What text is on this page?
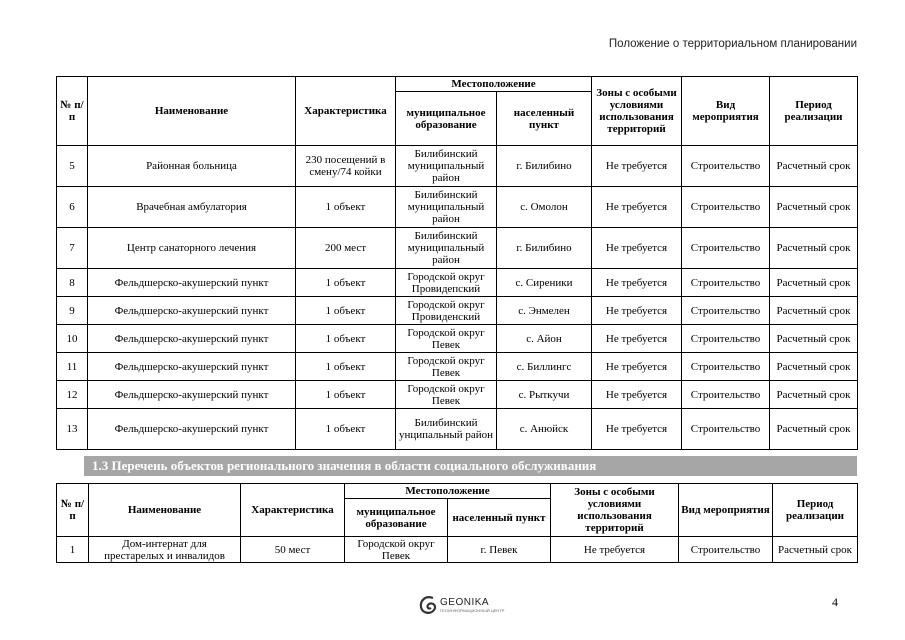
Положение о территориальном планировании
№ п/п	Наименование	Характеристика	Местоположение		Зоны с особыми условиями использования территорий	Вид мероприятия	Период реализации
			муниципальное образование	населенный пункт			
5	Районная больница	230 посещений в смену/74 койки	Билибинский муниципальный район	г. Билибино	Не требуется	Строительство	Расчетный срок
6	Врачебная амбулатория	1 объект	Билибинский муниципальный район	с. Омолон	Не требуется	Строительство	Расчетный срок
7	Центр санаторного лечения	200 мест	Билибинский муниципальный район	г. Билибино	Не требуется	Строительство	Расчетный срок
8	Фельдшерско-акушерский пункт	1 объект	Городской округ Провидепский	с. Сиреники	Не требуется	Строительство	Расчетный срок
9	Фельдшерско-акушерский пункт	1 объект	Городской округ Провиденский	с. Энмелен	Не требуется	Строительство	Расчетный срок
10	Фельдшерско-акушерский пункт	1 объект	Городской округ Певек	с. Айон	Не требуется	Строительство	Расчетный срок
11	Фельдшерско-акушерский пункт	1 объект	Городской округ Певек	с. Биллингс	Не требуется	Строительство	Расчетный срок
12	Фельдшерско-акушерский пункт	1 объект	Городской округ Певек	с. Рыткучи	Не требуется	Строительство	Расчетный срок
13	Фельдшерско-акушерский пункт	1 объект	Билибинский унципальный район	с. Анюйск	Не требуется	Строительство	Расчетный срок
1.3 Перечень объектов регионального значения в области социального обслуживания
№ п/п	Наименование	Характеристика	Местоположение		Зоны с особыми условиями использования территорий	Вид мероприятия	Период реализации
			муниципальное образование	населенный пункт			
1	Дом-интернат для престарелых и инвалидов	50 мест	Городской округ Певек	г. Певек	Не требуется	Строительство	Расчетный срок
GEONIKA
ГЕОИНФОРМАЦИОННЫЙ ЦЕНТР
4
